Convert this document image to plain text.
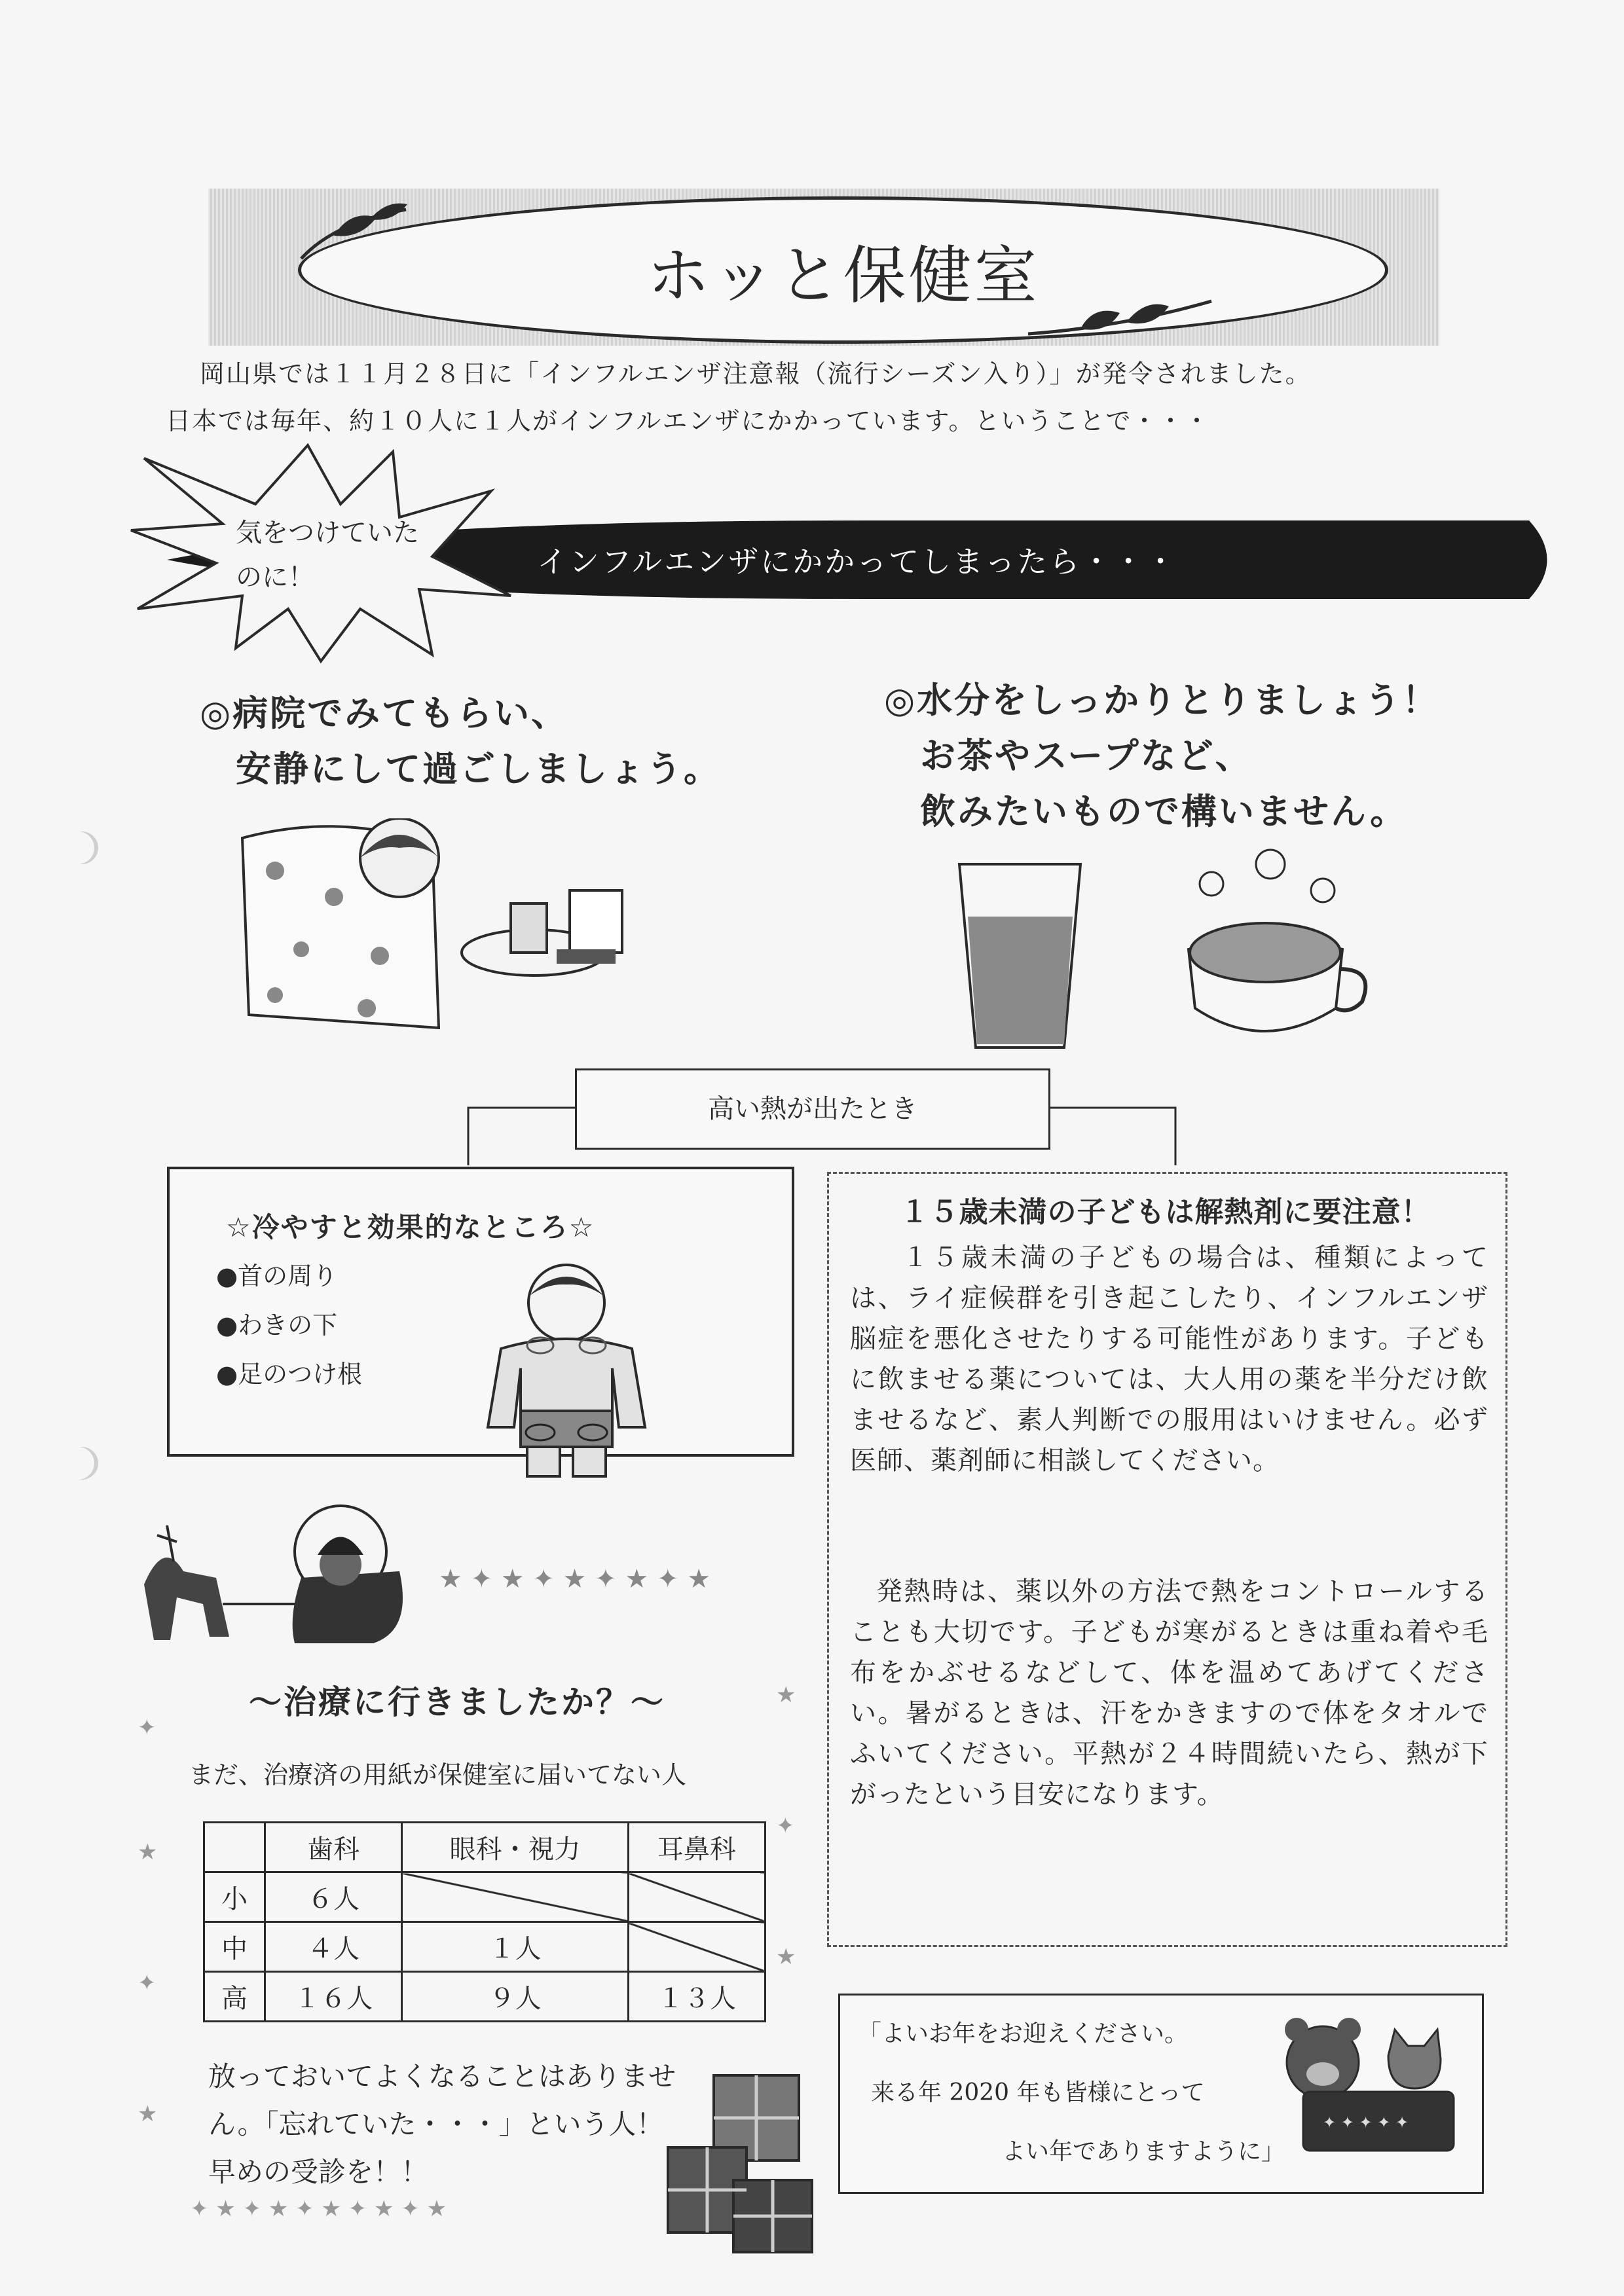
ホッと保健室
岡山県では１１月２８日に「インフルエンザ注意報（流行シーズン入り）」が発令されました。
日本では毎年、約１０人に１人がインフルエンザにかかっています。ということで・・・
インフルエンザにかかってしまったら・・・
気をつけていた
のに！
◎病院でみてもらい、
安静にして過ごしましょう。
◎水分をしっかりとりましょう！
お茶やスープなど、
飲みたいもので構いません。
高い熱が出たとき
☆冷やすと効果的なところ☆
●首の周り
●わきの下
●足のつけ根
１５歳未満の子どもは解熱剤に要注意！
１５歳未満の子どもの場合は、種類によっては、ライ症候群を引き起こしたり、インフルエンザ脳症を悪化させたりする可能性があります。子どもに飲ませる薬については、大人用の薬を半分だけ飲ませるなど、素人判断での服用はいけません。必ず医師、薬剤師に相談してください。
発熱時は、薬以外の方法で熱をコントロールすることも大切です。子どもが寒がるときは重ね着や毛布をかぶせるなどして、体を温めてあげてください。暑がるときは、汗をかきますので体をタオルでふいてください。平熱が２４時間続いたら、熱が下がったという目安になります。
★ ✦ ★ ✦ ★ ✦ ★ ✦ ★
✦
★
✦
★
★
✦
★
✦ ★ ✦ ★ ✦ ★ ✦ ★ ✦ ★
～治療に行きましたか？～
まだ、治療済の用紙が保健室に届いてない人
	歯科	眼科・視力	耳鼻科
小	６人		
中	４人	１人	
高	１６人	９人	１３人
放っておいてよくなることはありません。「忘れていた・・・」という人！早めの受診を！！
「よいお年をお迎えください。
来る年 2020 年も皆様にとって
よい年でありますように」
✦ ✦ ✦ ✦ ✦
